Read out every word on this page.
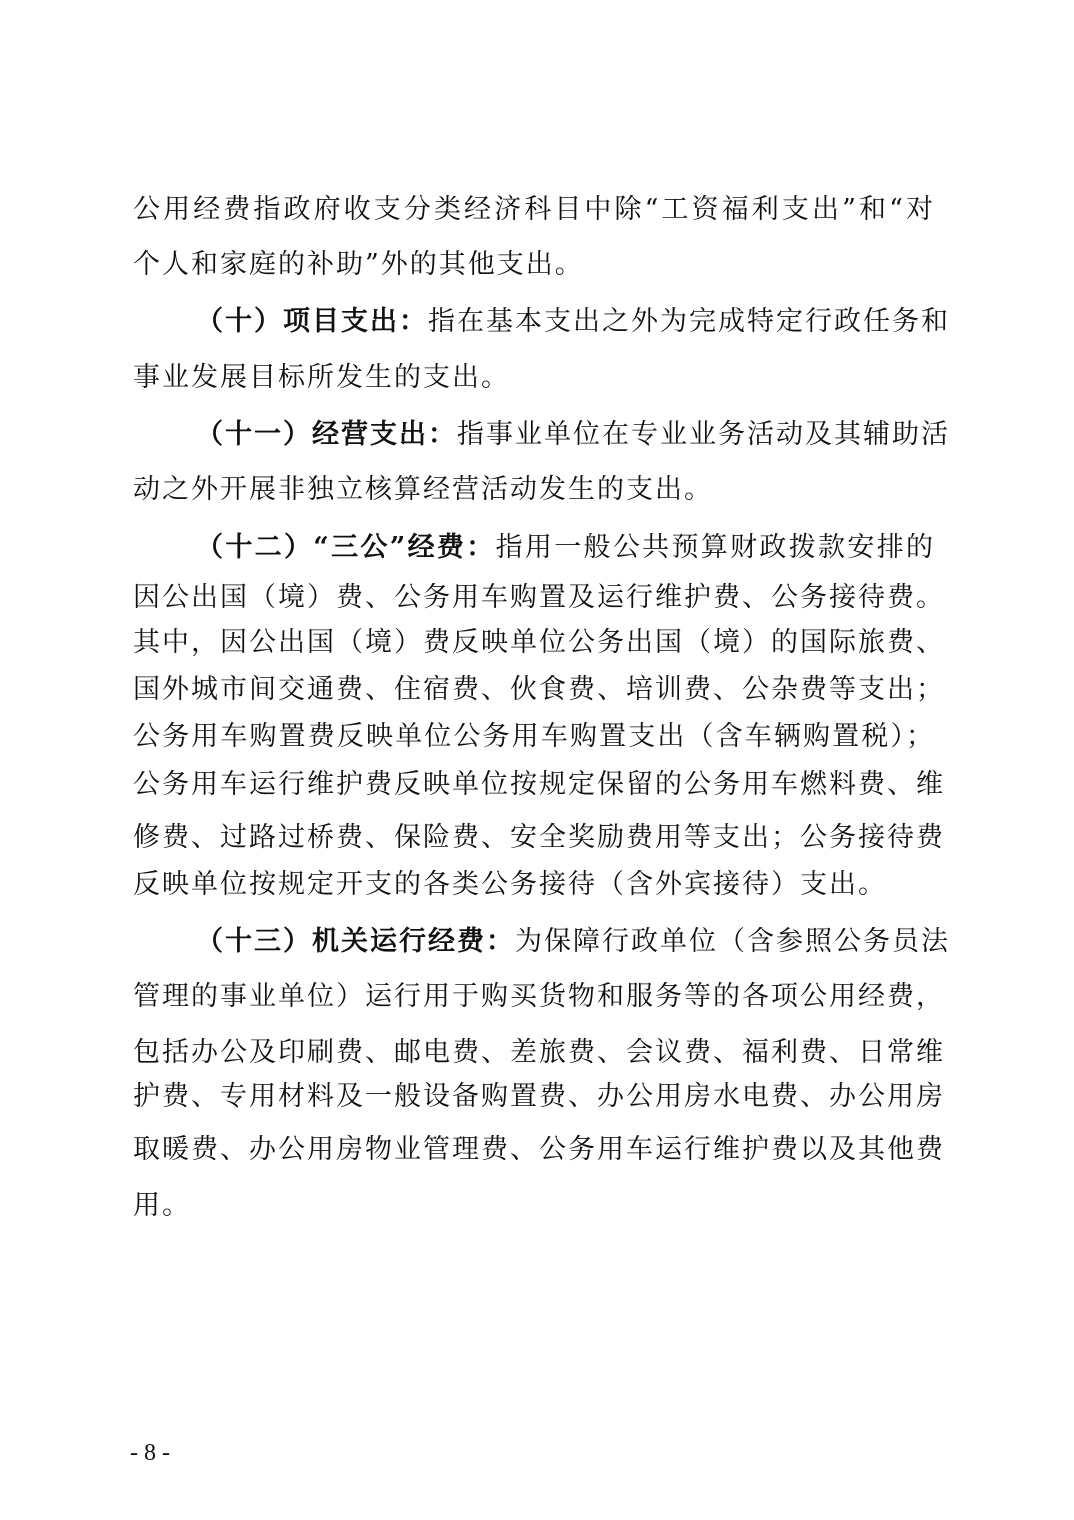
公用经费指政府收支分类经济科目中除“工资福利支出”和“对
个人和家庭的补助”外的其他支出。
（十）项目支出：指在基本支出之外为完成特定行政任务和
事业发展目标所发生的支出。
（十一）经营支出：指事业单位在专业业务活动及其辅助活
动之外开展非独立核算经营活动发生的支出。
（十二）“三公”经费：指用一般公共预算财政拨款安排的
因公出国（境）费、公务用车购置及运行维护费、公务接待费。
其中，因公出国（境）费反映单位公务出国（境）的国际旅费、
国外城市间交通费、住宿费、伙食费、培训费、公杂费等支出；
公务用车购置费反映单位公务用车购置支出（含车辆购置税）；
公务用车运行维护费反映单位按规定保留的公务用车燃料费、维
修费、过路过桥费、保险费、安全奖励费用等支出；公务接待费
反映单位按规定开支的各类公务接待（含外宾接待）支出。
（十三）机关运行经费：为保障行政单位（含参照公务员法
管理的事业单位）运行用于购买货物和服务等的各项公用经费，
包括办公及印刷费、邮电费、差旅费、会议费、福利费、日常维
护费、专用材料及一般设备购置费、办公用房水电费、办公用房
取暖费、办公用房物业管理费、公务用车运行维护费以及其他费
用。
- 8 -
